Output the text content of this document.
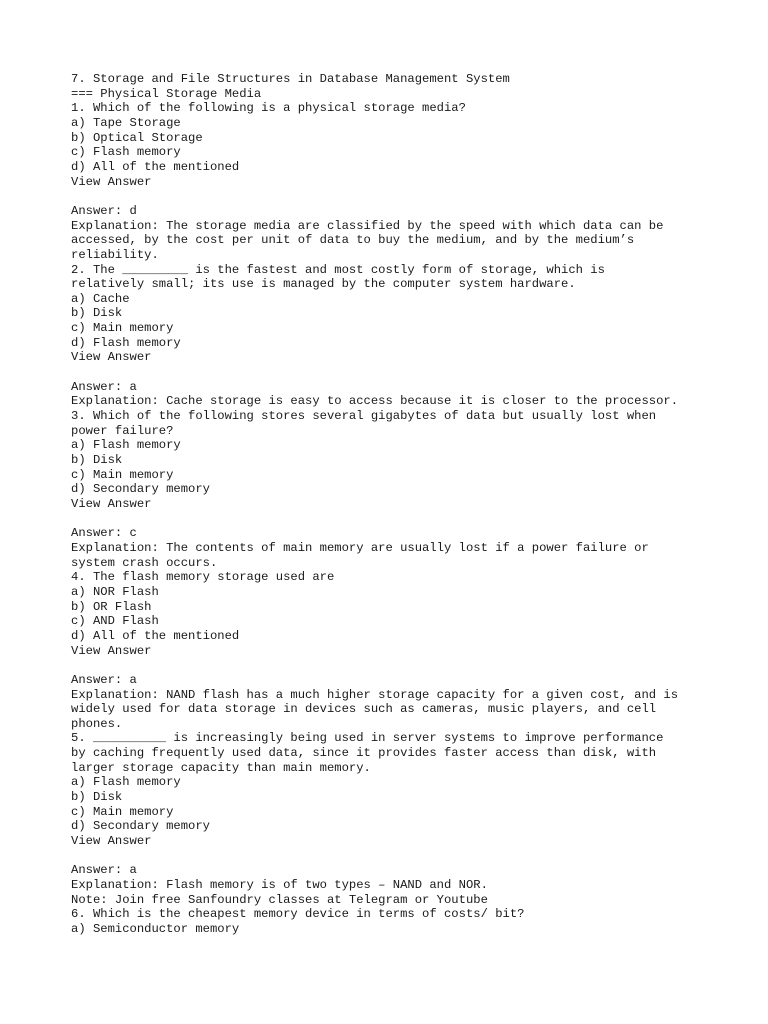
7. Storage and File Structures in Database Management System
=== Physical Storage Media
1. Which of the following is a physical storage media?
a) Tape Storage
b) Optical Storage
c) Flash memory
d) All of the mentioned
View Answer
Answer: d
Explanation: The storage media are classified by the speed with which data can be
accessed, by the cost per unit of data to buy the medium, and by the medium’s
reliability.
2. The _________ is the fastest and most costly form of storage, which is
relatively small; its use is managed by the computer system hardware.
a) Cache
b) Disk
c) Main memory
d) Flash memory
View Answer
Answer: a
Explanation: Cache storage is easy to access because it is closer to the processor.
3. Which of the following stores several gigabytes of data but usually lost when
power failure?
a) Flash memory
b) Disk
c) Main memory
d) Secondary memory
View Answer
Answer: c
Explanation: The contents of main memory are usually lost if a power failure or
system crash occurs.
4. The flash memory storage used are
a) NOR Flash
b) OR Flash
c) AND Flash
d) All of the mentioned
View Answer
Answer: a
Explanation: NAND flash has a much higher storage capacity for a given cost, and is
widely used for data storage in devices such as cameras, music players, and cell
phones.
5. __________ is increasingly being used in server systems to improve performance
by caching frequently used data, since it provides faster access than disk, with
larger storage capacity than main memory.
a) Flash memory
b) Disk
c) Main memory
d) Secondary memory
View Answer
Answer: a
Explanation: Flash memory is of two types – NAND and NOR.
Note: Join free Sanfoundry classes at Telegram or Youtube
6. Which is the cheapest memory device in terms of costs/ bit?
a) Semiconductor memory
